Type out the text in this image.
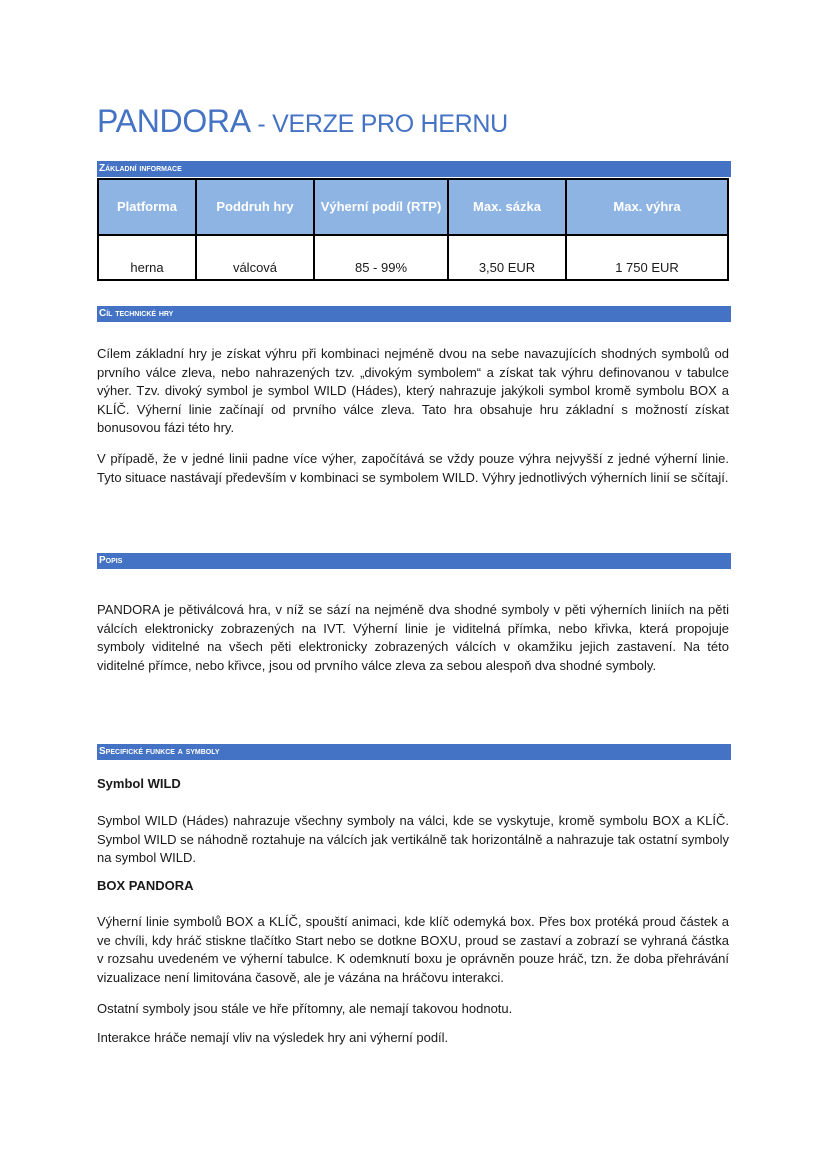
PANDORA - VERZE PRO HERNU
Základní informace
Platforma	Poddruh hry	Výherní podíl (RTP)	Max. sázka	Max. výhra
herna	válcová	85 - 99%	3,50 EUR	1 750 EUR
Cíl technické hry

Cílem základní hry je získat výhru při kombinaci nejméně dvou na sebe navazujících shodných symbolů od prvního válce zleva, nebo nahrazených tzv. „divokým symbolem“ a získat tak výhru definovanou v tabulce výher. Tzv. divoký symbol je symbol WILD (Hádes), který nahrazuje jakýkoli symbol kromě symbolu BOX a KLÍČ. Výherní linie začínají od prvního válce zleva. Tato hra obsahuje hru základní s možností získat bonusovou fázi této hry.

V případě, že v jedné linii padne více výher, započítává se vždy pouze výhra nejvyšší z jedné výherní linie. Tyto situace nastávají především v kombinaci se symbolem WILD. Výhry jednotlivých výherních linií se sčítají.

Popis

PANDORA je pětiválcová hra, v níž se sází na nejméně dva shodné symboly v pěti výherních liniích na pěti válcích elektronicky zobrazených na IVT. Výherní linie je viditelná přímka, nebo křivka, která propojuje symboly viditelné na všech pěti elektronicky zobrazených válcích v okamžiku jejich zastavení. Na této viditelné přímce, nebo křivce, jsou od prvního válce zleva za sebou alespoň dva shodné symboly.

Specifické funkce a symboly
Symbol WILD

Symbol WILD (Hádes) nahrazuje všechny symboly na válci, kde se vyskytuje, kromě symbolu BOX a KLÍČ. Symbol WILD se náhodně roztahuje na válcích jak vertikálně tak horizontálně a nahrazuje tak ostatní symboly na symbol WILD.

BOX PANDORA

Výherní linie symbolů BOX a KLÍČ, spouští animaci, kde klíč odemyká box. Přes box protéká proud částek a ve chvíli, kdy hráč stiskne tlačítko Start nebo se dotkne BOXU, proud se zastaví a zobrazí se vyhraná částka v rozsahu uvedeném ve výherní tabulce. K odemknutí boxu je oprávněn pouze hráč, tzn. že doba přehrávání vizualizace není limitována časově, ale je vázána na hráčovu interakci.

Ostatní symboly jsou stále ve hře přítomny, ale nemají takovou hodnotu.

Interakce hráče nemají vliv na výsledek hry ani výherní podíl.
